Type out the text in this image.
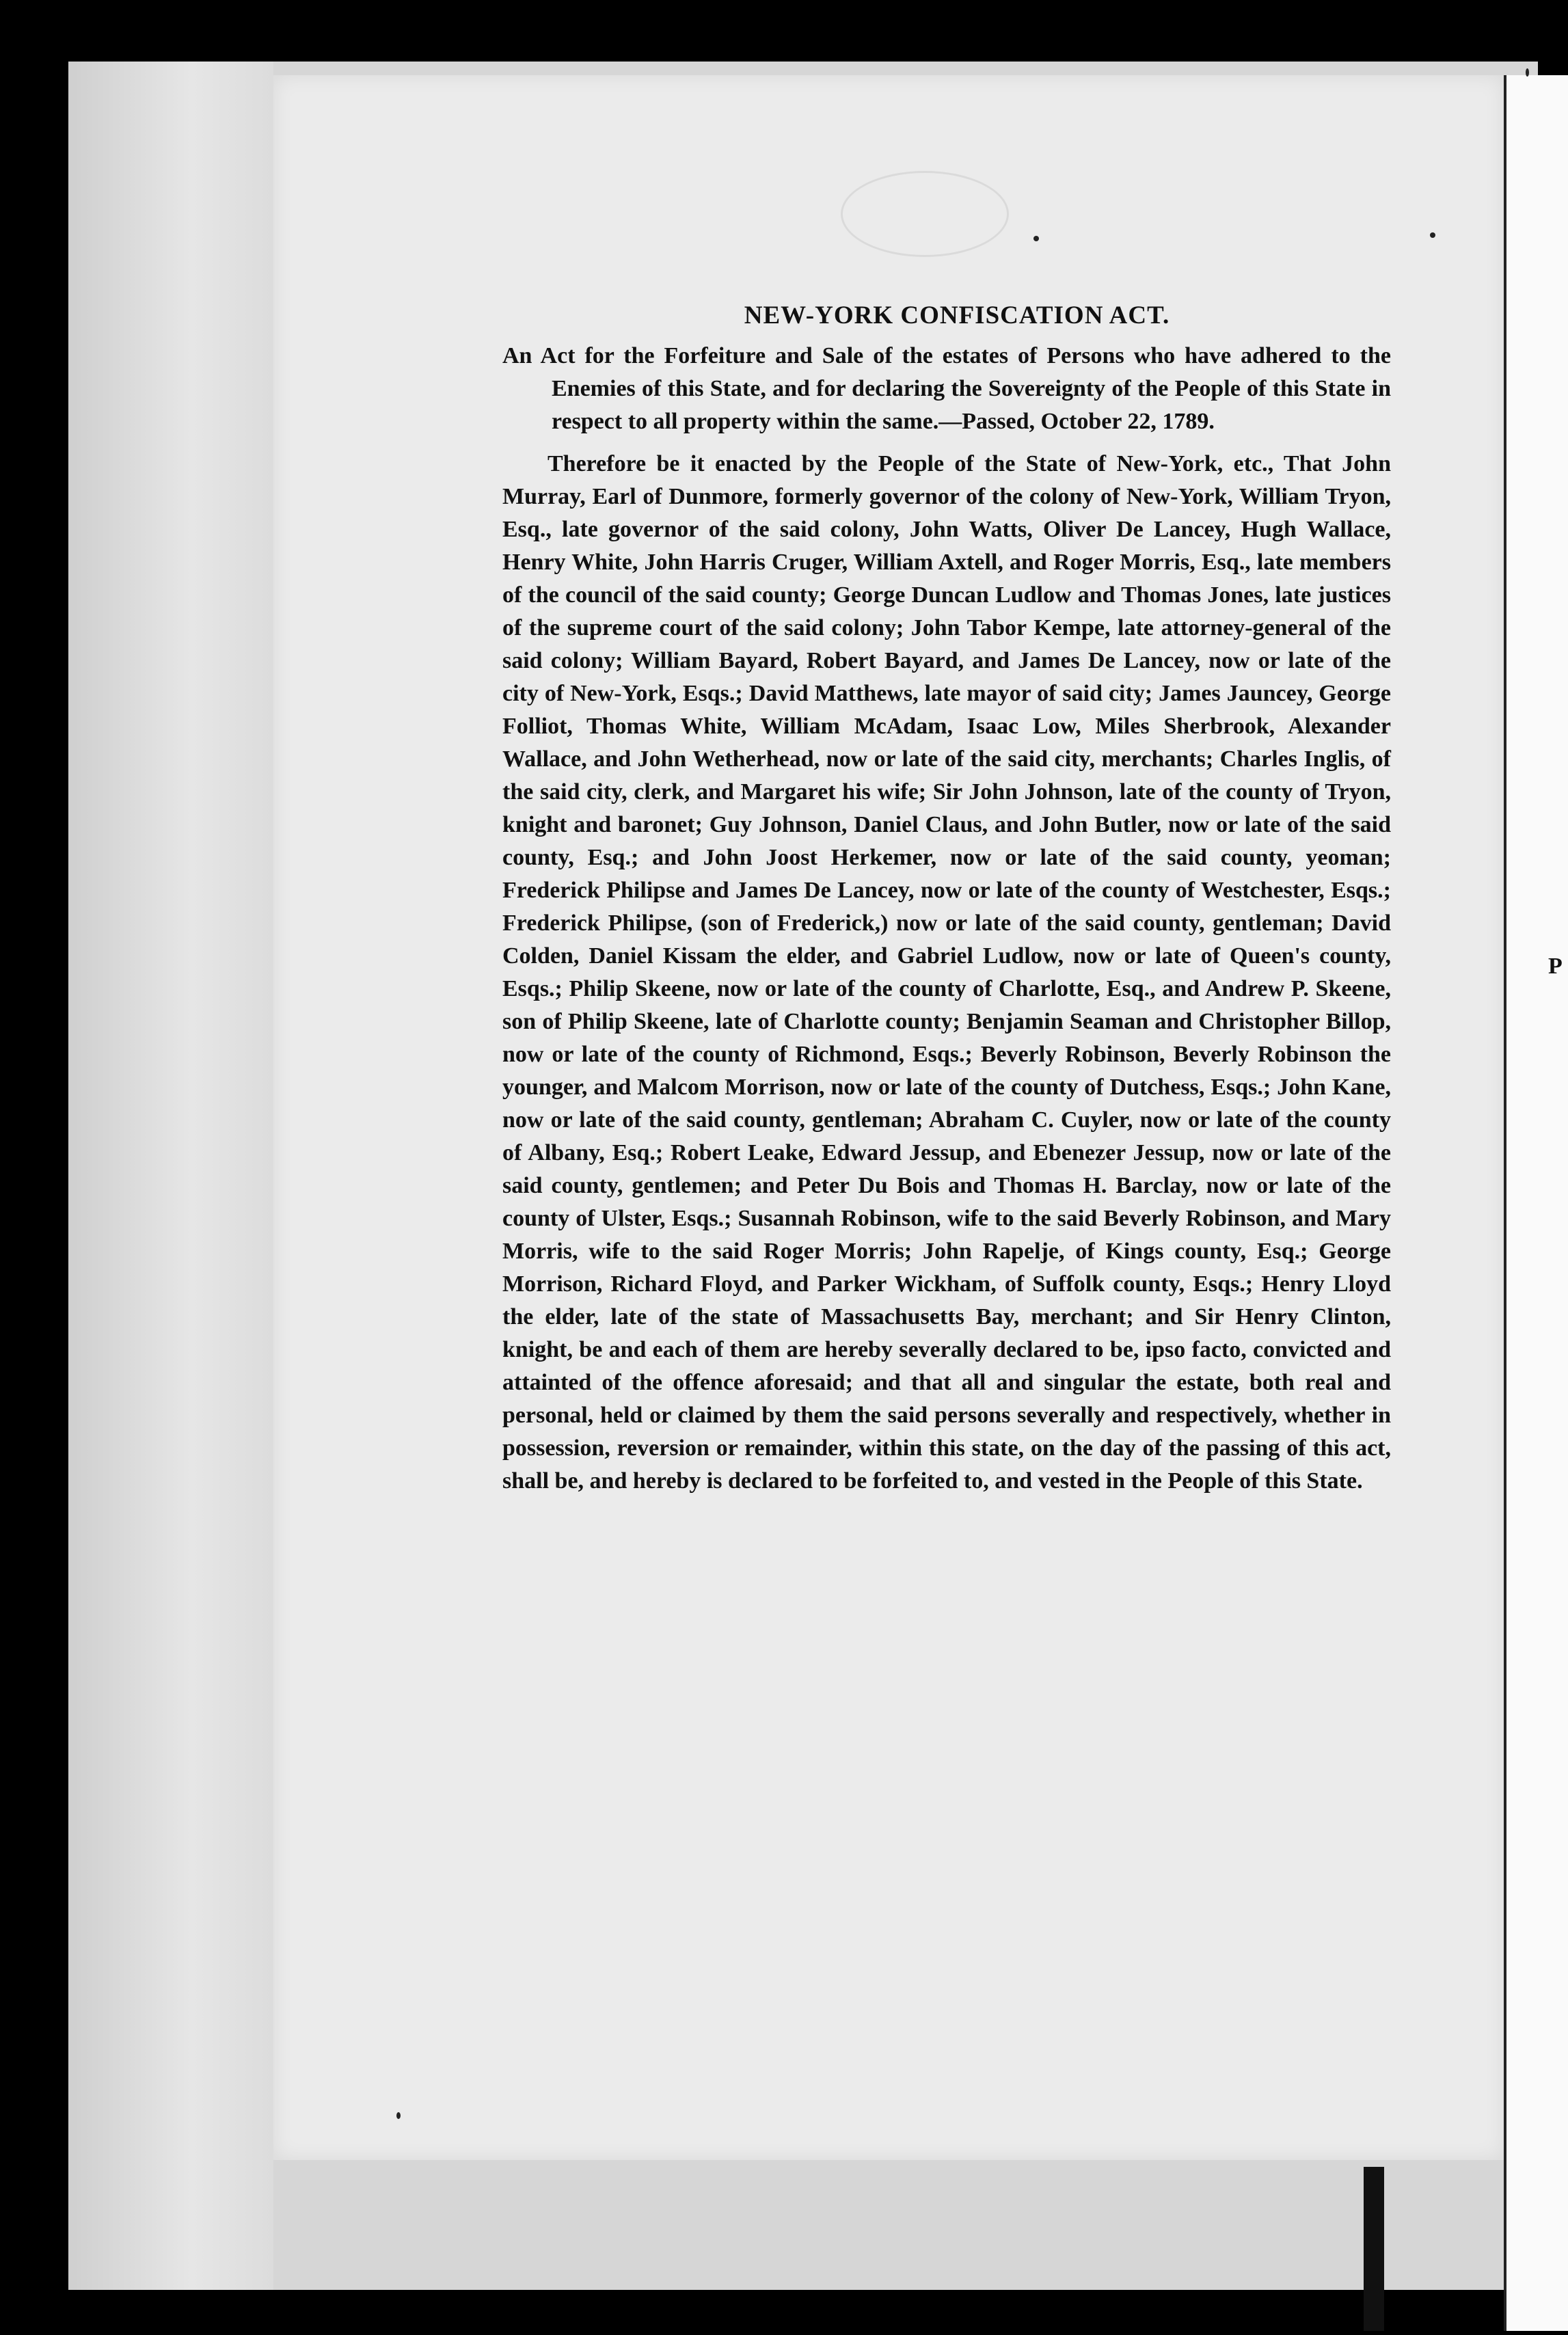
P
NEW-YORK CONFISCATION ACT.

An Act for the Forfeiture and Sale of the estates of Persons who have adhered to the Enemies of this State, and for declaring the Sovereignty of the People of this State in respect to all property within the same.—Passed, October 22, 1789.

Therefore be it enacted by the People of the State of New-York, etc., That John Murray, Earl of Dunmore, formerly governor of the colony of New-York, William Tryon, Esq., late governor of the said colony, John Watts, Oliver De Lancey, Hugh Wallace, Henry White, John Harris Cruger, William Axtell, and Roger Morris, Esq., late members of the council of the said county; George Duncan Ludlow and Thomas Jones, late justices of the supreme court of the said colony; John Tabor Kempe, late attorney-general of the said colony; William Bayard, Robert Bayard, and James De Lancey, now or late of the city of New-York, Esqs.; David Matthews, late mayor of said city; James Jauncey, George Folliot, Thomas White, William McAdam, Isaac Low, Miles Sherbrook, Alexander Wallace, and John Wetherhead, now or late of the said city, merchants; Charles Inglis, of the said city, clerk, and Margaret his wife; Sir John Johnson, late of the county of Tryon, knight and baronet; Guy Johnson, Daniel Claus, and John Butler, now or late of the said county, Esq.; and John Joost Herkemer, now or late of the said county, yeoman; Frederick Philipse and James De Lancey, now or late of the county of Westchester, Esqs.; Frederick Philipse, (son of Frederick,) now or late of the said county, gentleman; David Colden, Daniel Kissam the elder, and Gabriel Ludlow, now or late of Queen's county, Esqs.; Philip Skeene, now or late of the county of Charlotte, Esq., and Andrew P. Skeene, son of Philip Skeene, late of Charlotte county; Benjamin Seaman and Christopher Billop, now or late of the county of Richmond, Esqs.; Beverly Robinson, Beverly Robinson the younger, and Malcom Morrison, now or late of the county of Dutchess, Esqs.; John Kane, now or late of the said county, gentleman; Abraham C. Cuyler, now or late of the county of Albany, Esq.; Robert Leake, Edward Jessup, and Ebenezer Jessup, now or late of the said county, gentlemen; and Peter Du Bois and Thomas H. Barclay, now or late of the county of Ulster, Esqs.; Susannah Robinson, wife to the said Beverly Robinson, and Mary Morris, wife to the said Roger Morris; John Rapelje, of Kings county, Esq.; George Morrison, Richard Floyd, and Parker Wickham, of Suffolk county, Esqs.; Henry Lloyd the elder, late of the state of Massachusetts Bay, merchant; and Sir Henry Clinton, knight, be and each of them are hereby severally declared to be, ipso facto, convicted and attainted of the offence aforesaid; and that all and singular the estate, both real and personal, held or claimed by them the said persons severally and respectively, whether in possession, reversion or remainder, within this state, on the day of the passing of this act, shall be, and hereby is declared to be forfeited to, and vested in the People of this State.
